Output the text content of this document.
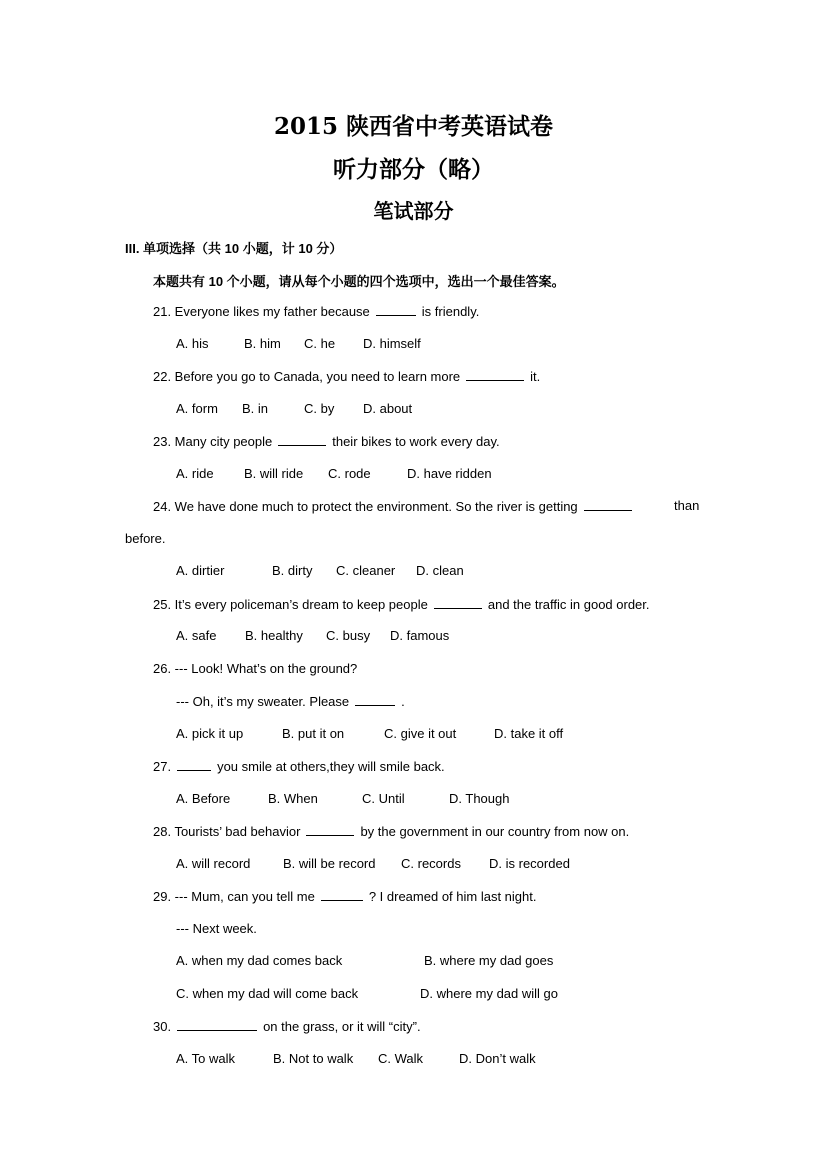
2015 陕西省中考英语试卷
听力部分（略）
笔试部分
III. 单项选择（共 10 小题，计 10 分）
本题共有 10 个小题，请从每个小题的四个选项中，选出一个最佳答案。
21. Everyone likes my father because	is friendly.
A. his	B. him C. he D. himself
22. Before you go to Canada, you need to learn more	it.
A. form B. in	C. by D. about
23. Many city people	their bikes to work every day.
A. ride B. will ride C. rode	D. have ridden
24. We have done much to protect the environment. So the river is getting	than
before.
A. dirtier	B. dirty C. cleaner D. clean
25. It’s every policeman’s dream to keep people	and the traffic in good order.
A. safe B. healthy C. busy D. famous
26. --- Look! What’s on the ground?
--- Oh, it’s my sweater. Please	.
A. pick it up	B. put it on	C. give it out	D. take it off
27.	you smile at others,they will smile back.
A. Before	B. When	C. Until	D. Though
28. Tourists’ bad behavior	by the government in our country from now on.
A. will record	B. will be record C. records D. is recorded
29. --- Mum, can you tell me	? I dreamed of him last night.
--- Next week.
A. when my dad comes back	B. where my dad goes
C. when my dad will come back	D. where my dad will go
30.	on the grass, or it will “city”.
A. To walk	B. Not to walk C. Walk	D. Don’t walk
